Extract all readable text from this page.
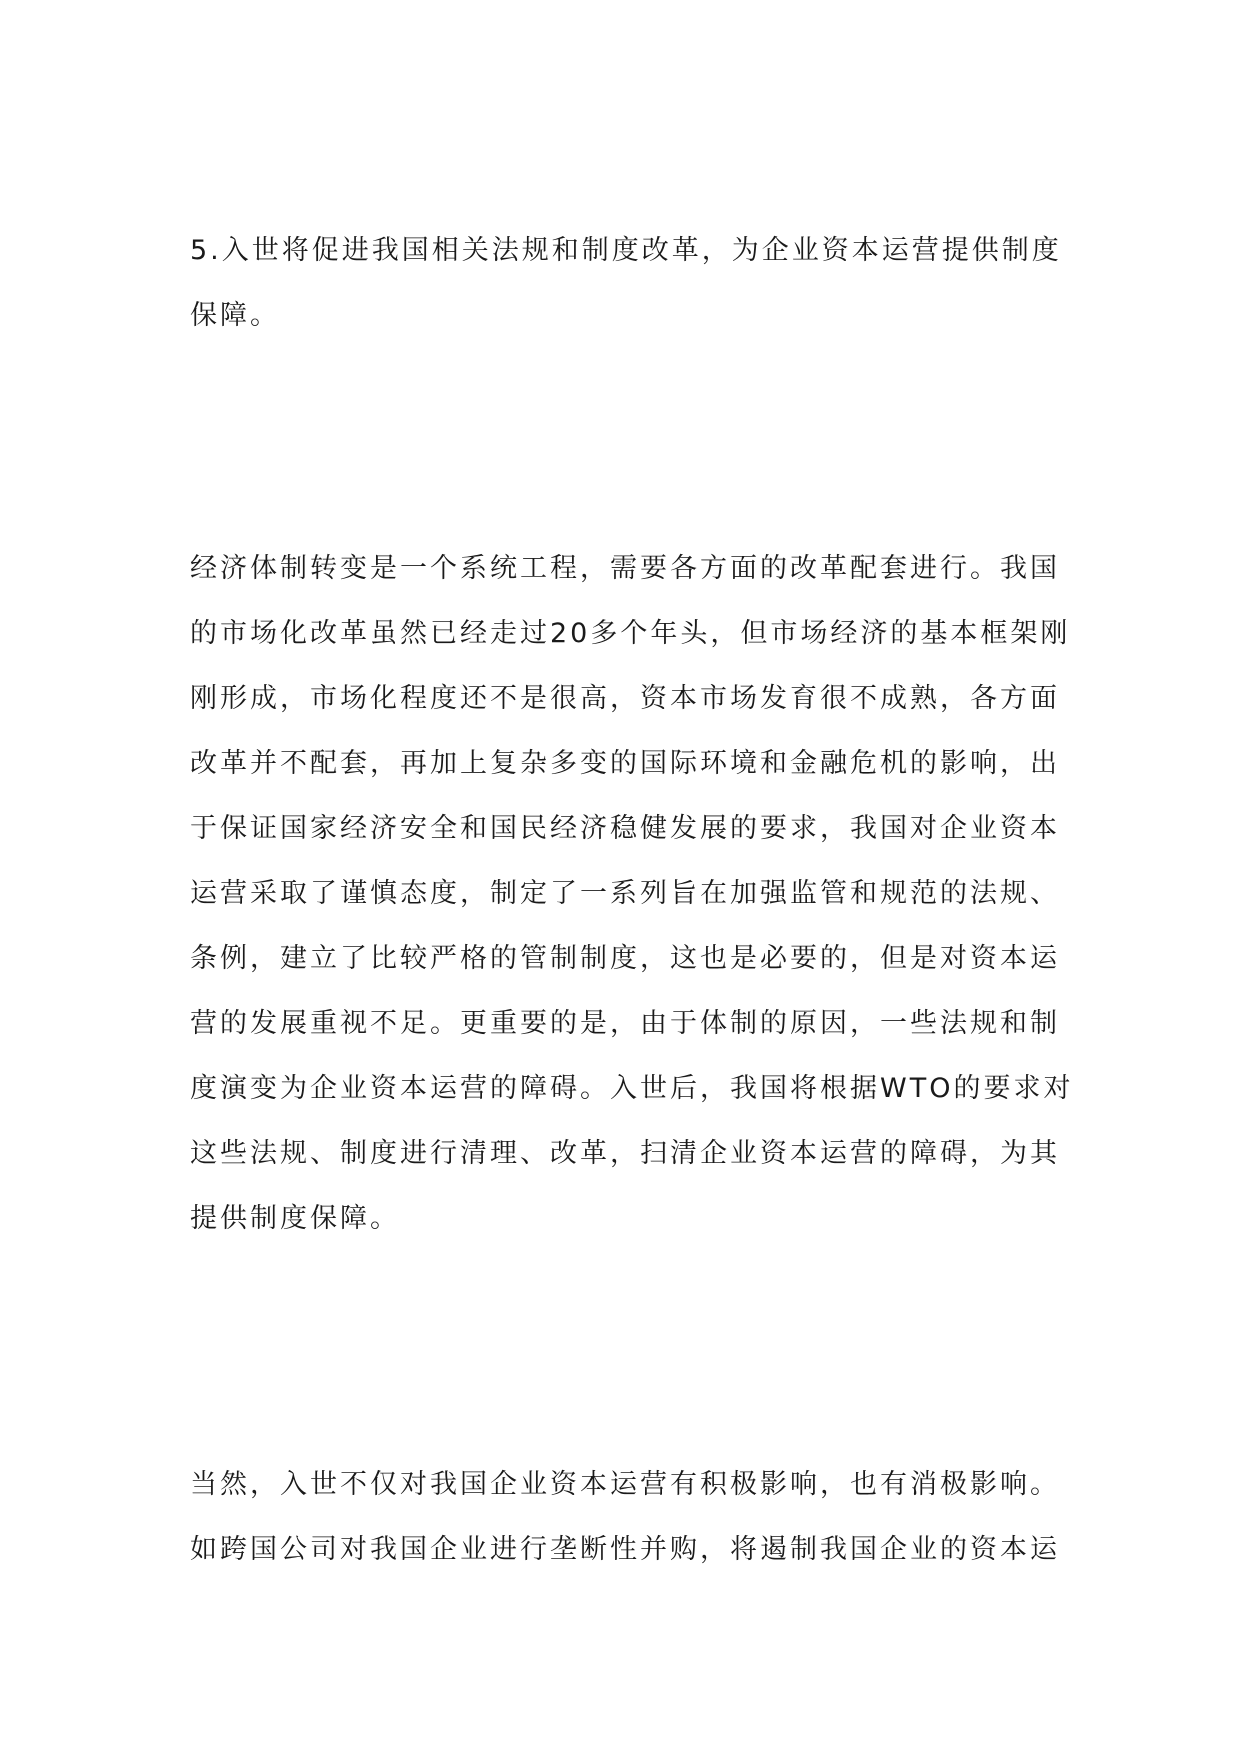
5.入世将促进我国相关法规和制度改革，为企业资本运营提供制度
保障。
经济体制转变是一个系统工程，需要各方面的改革配套进行。我国
的市场化改革虽然已经走过20多个年头，但市场经济的基本框架刚
刚形成，市场化程度还不是很高，资本市场发育很不成熟，各方面
改革并不配套，再加上复杂多变的国际环境和金融危机的影响，出
于保证国家经济安全和国民经济稳健发展的要求，我国对企业资本
运营采取了谨慎态度，制定了一系列旨在加强监管和规范的法规、
条例，建立了比较严格的管制制度，这也是必要的，但是对资本运
营的发展重视不足。更重要的是，由于体制的原因，一些法规和制
度演变为企业资本运营的障碍。入世后，我国将根据WTO的要求对
这些法规、制度进行清理、改革，扫清企业资本运营的障碍，为其
提供制度保障。
当然，入世不仅对我国企业资本运营有积极影响，也有消极影响。
如跨国公司对我国企业进行垄断性并购，将遏制我国企业的资本运
